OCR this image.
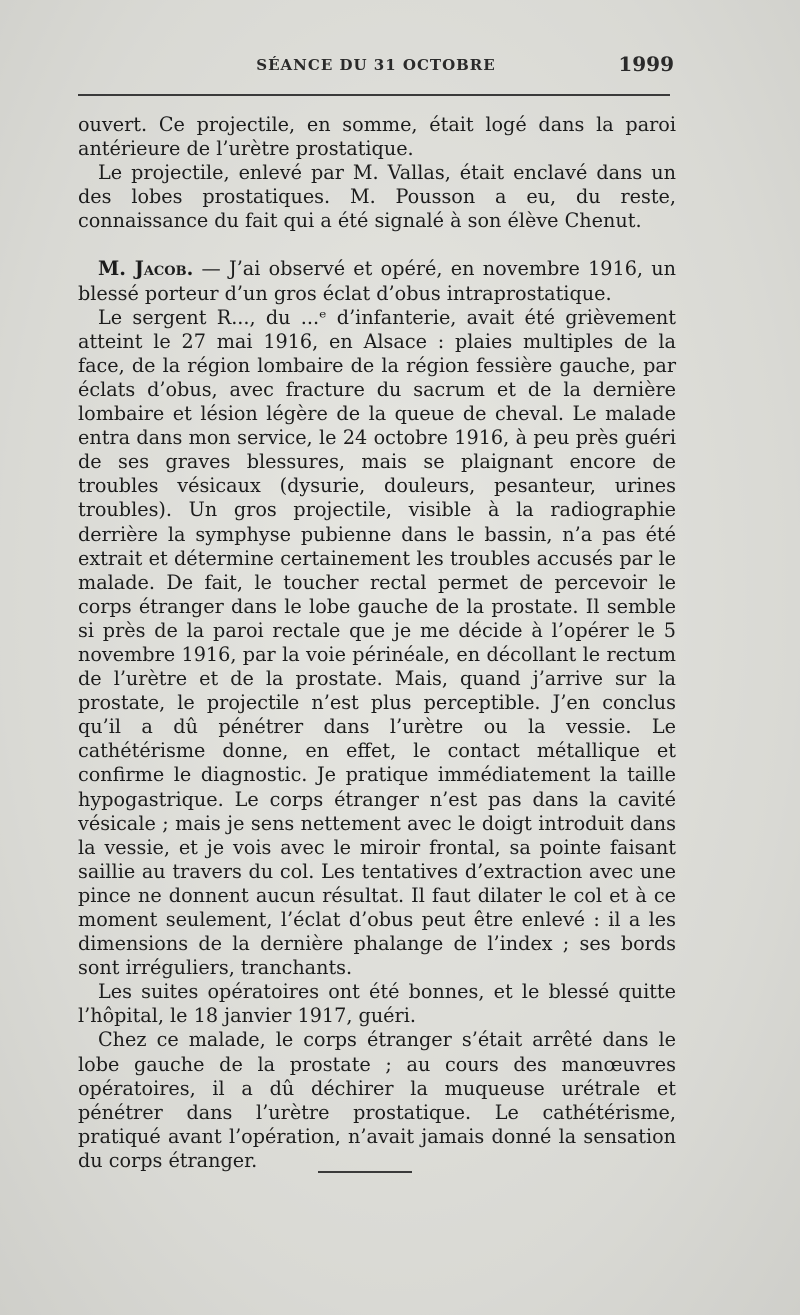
SÉANCE DU 31 OCTOBRE	1999

ouvert. Ce projectile, en somme, était logé dans la paroi antérieure de l’urètre prostatique.

Le projectile, enlevé par M. Vallas, était enclavé dans un des lobes prostatiques. M. Pousson a eu, du reste, connaissance du fait qui a été signalé à son élève Chenut.

M. Jacob. — J’ai observé et opéré, en novembre 1916, un blessé porteur d’un gros éclat d’obus intraprostatique.

Le sergent R..., du ...ᵉ d’infanterie, avait été grièvement atteint le 27 mai 1916, en Alsace : plaies multiples de la face, de la région lombaire de la région fessière gauche, par éclats d’obus, avec fracture du sacrum et de la dernière lombaire et lésion légère de la queue de cheval. Le malade entra dans mon service, le 24 octobre 1916, à peu près guéri de ses graves blessures, mais se plaignant encore de troubles vésicaux (dysurie, douleurs, pesanteur, urines troubles). Un gros projectile, visible à la radiographie derrière la symphyse pubienne dans le bassin, n’a pas été extrait et détermine certainement les troubles accusés par le malade. De fait, le toucher rectal permet de percevoir le corps étranger dans le lobe gauche de la prostate. Il semble si près de la paroi rectale que je me décide à l’opérer le 5 novembre 1916, par la voie périnéale, en décollant le rectum de l’urètre et de la prostate. Mais, quand j’arrive sur la prostate, le projectile n’est plus perceptible. J’en conclus qu’il a dû pénétrer dans l’urètre ou la vessie. Le cathétérisme donne, en effet, le contact métallique et confirme le diagnostic. Je pratique immédiatement la taille hypogastrique. Le corps étranger n’est pas dans la cavité vésicale ; mais je sens nettement avec le doigt introduit dans la vessie, et je vois avec le miroir frontal, sa pointe faisant saillie au travers du col. Les tentatives d’extraction avec une pince ne donnent aucun résultat. Il faut dilater le col et à ce moment seulement, l’éclat d’obus peut être enlevé : il a les dimensions de la dernière phalange de l’index ; ses bords sont irréguliers, tranchants.

Les suites opératoires ont été bonnes, et le blessé quitte l’hôpital, le 18 janvier 1917, guéri.

Chez ce malade, le corps étranger s’était arrêté dans le lobe gauche de la prostate ; au cours des manœuvres opératoires, il a dû déchirer la muqueuse urétrale et pénétrer dans l’urètre prostatique. Le cathétérisme, pratiqué avant l’opération, n’avait jamais donné la sensation du corps étranger.
